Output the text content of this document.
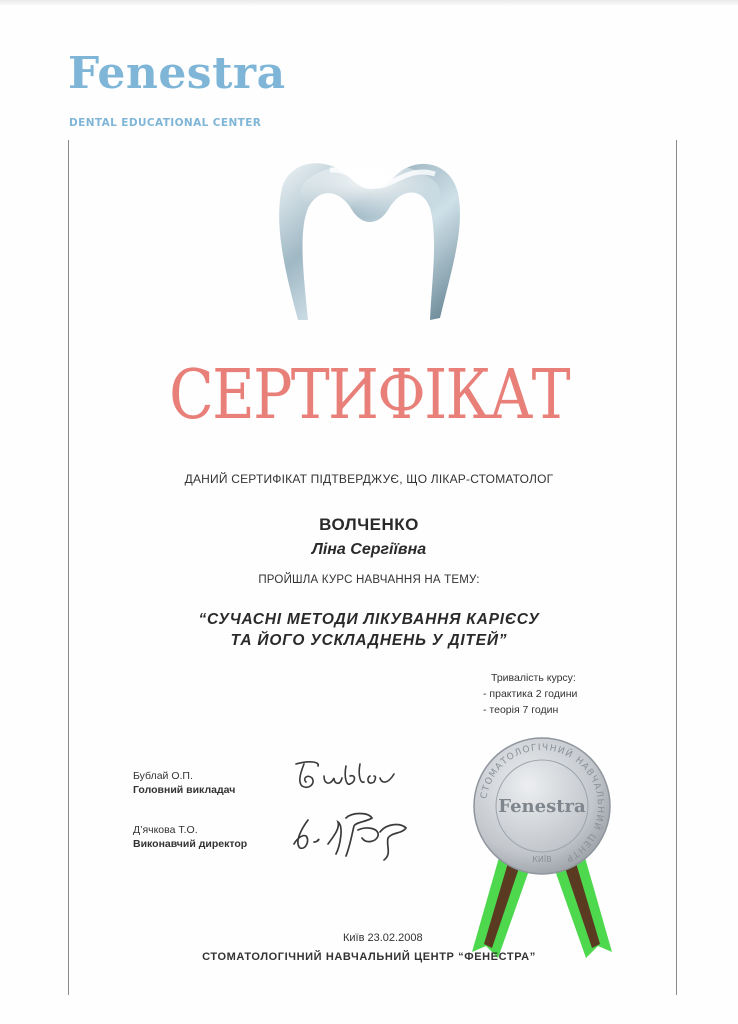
Fenestra
DENTAL EDUCATIONAL CENTER
СЕРТИФІКАТ
ДАНИЙ СЕРТИФІКАТ ПІДТВЕРДЖУЄ, ЩО ЛІКАР-СТОМАТОЛОГ
ВОЛЧЕНКО
Ліна Сергіївна
ПРОЙШЛА КУРС НАВЧАННЯ НА ТЕМУ:
“СУЧАСНІ МЕТОДИ ЛІКУВАННЯ КАРІЄСУ
ТА ЙОГО УСКЛАДНЕНЬ У ДІТЕЙ”
Тривалість курсу:
- практика 2 години
- теорія 7 годин
Бублай О.П.
Головний викладач
Д’ячкова Т.О.
Виконавчий директор
СТОМАТОЛОГІЧНИЙ НАВЧАЛЬНИЙ ЦЕНТР
Fenestra
КИЇВ
Київ 23.02.2008
СТОМАТОЛОГІЧНИЙ НАВЧАЛЬНИЙ ЦЕНТР “ФЕНЕСТРА”
